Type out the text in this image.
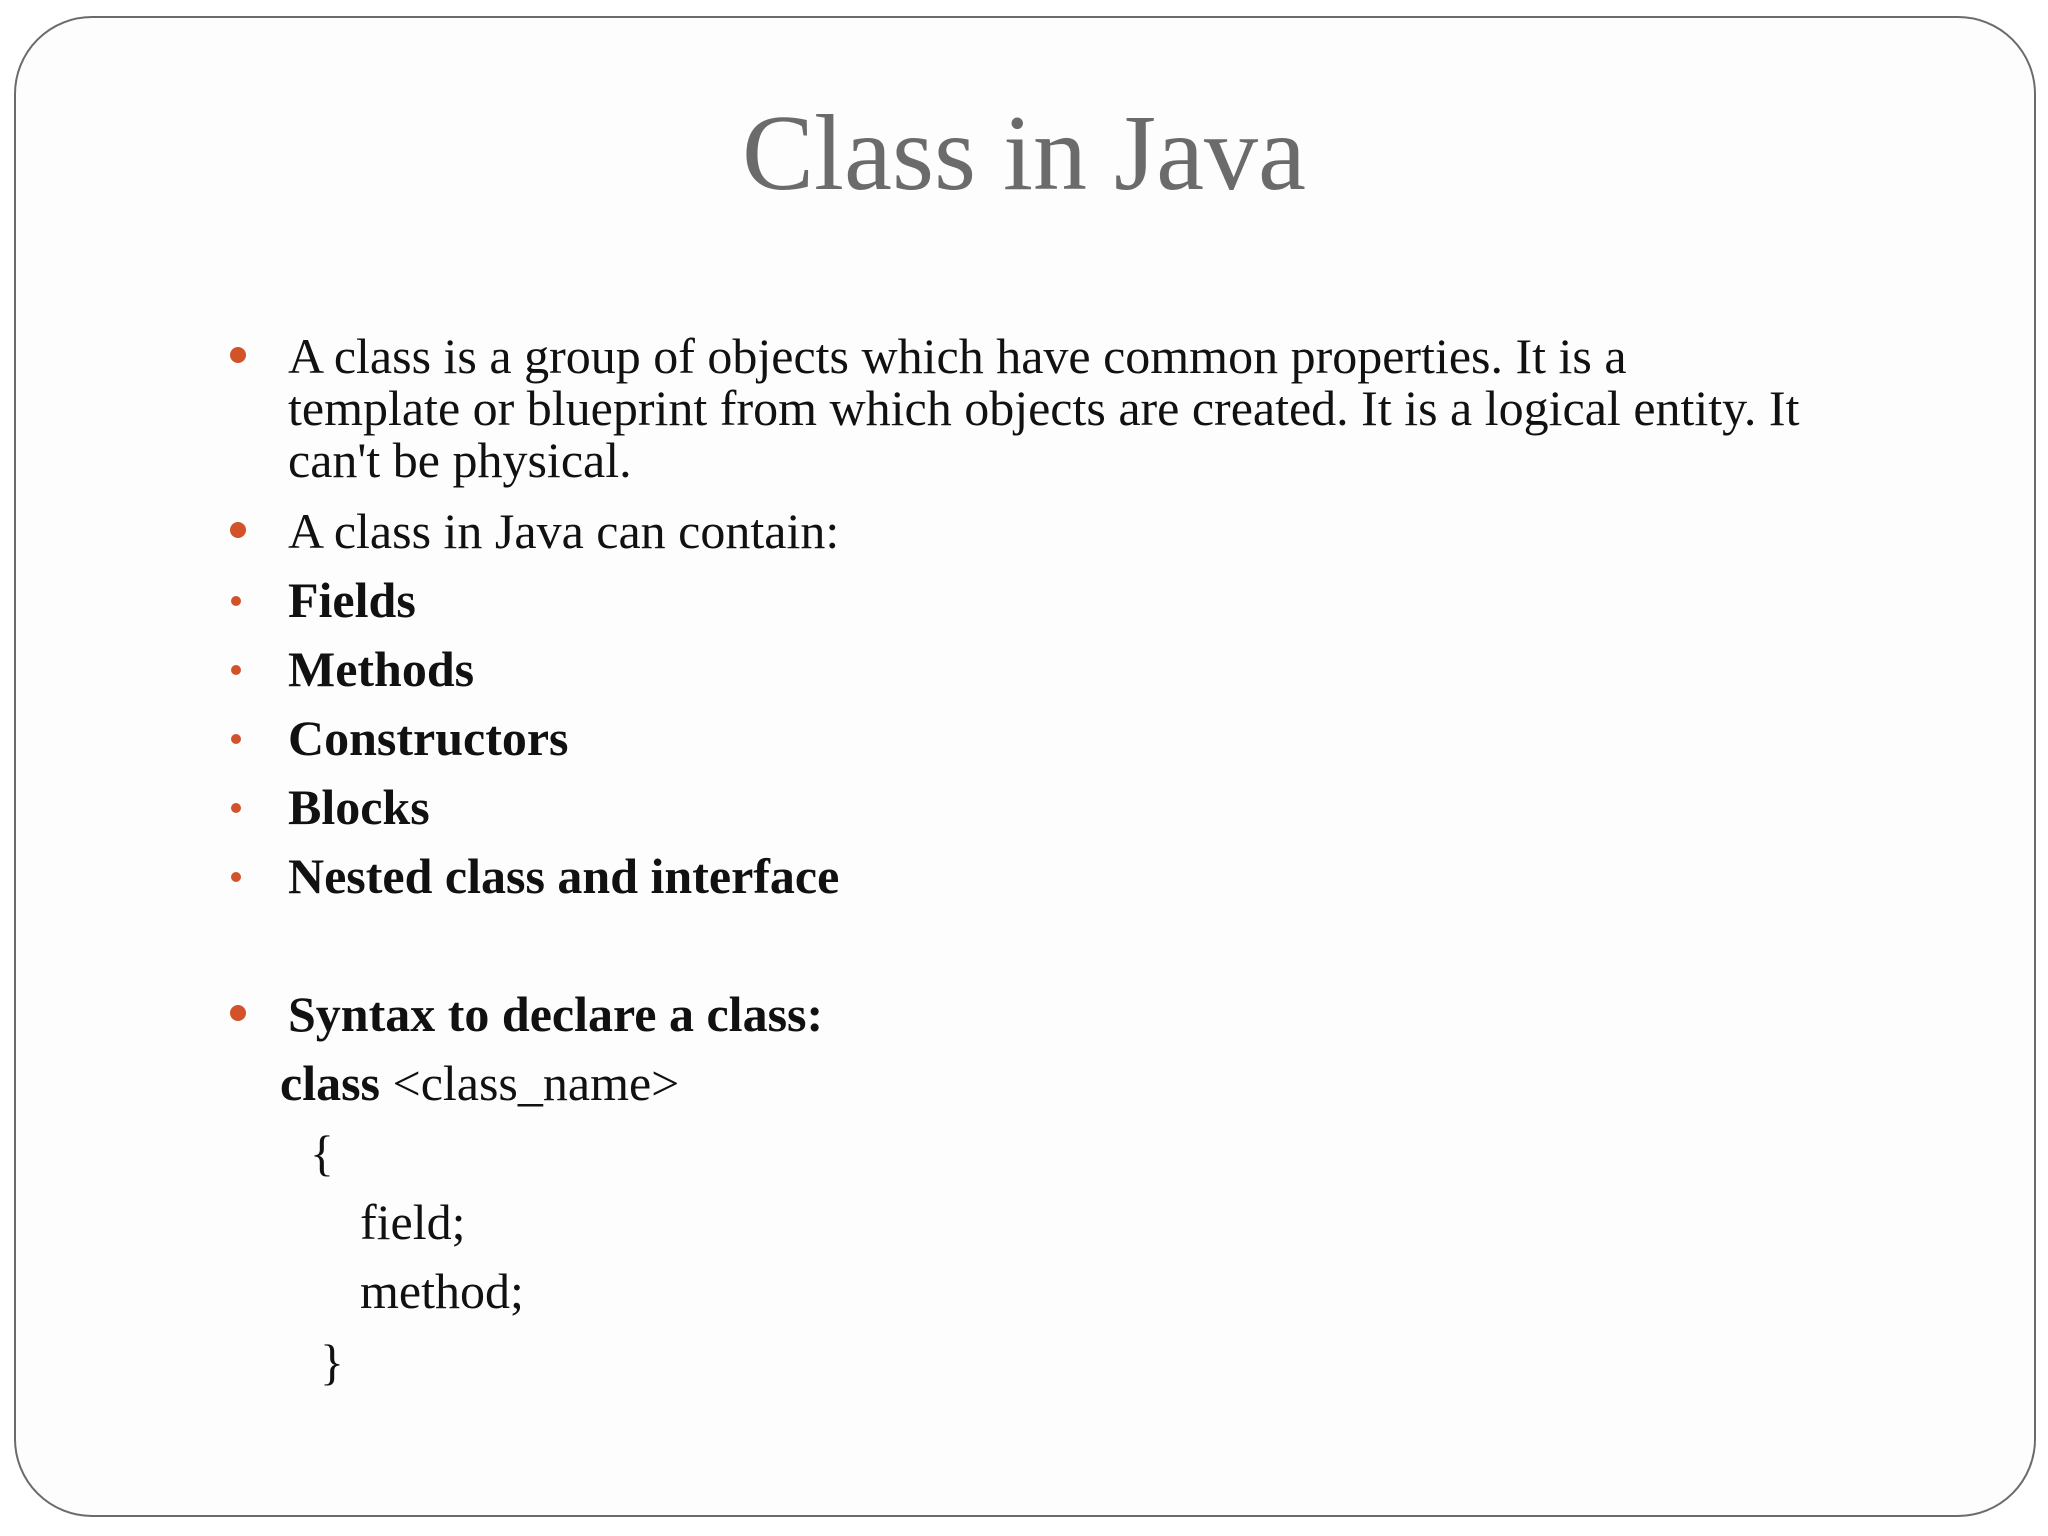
Class in Java
A class is a group of objects which have common properties. It is a
template or blueprint from which objects are created. It is a logical entity. It
can't be physical.
A class in Java can contain:
Fields
Methods
Constructors
Blocks
Nested class and interface
Syntax to declare a class:
class <class_name>
{
field;
method;
}
